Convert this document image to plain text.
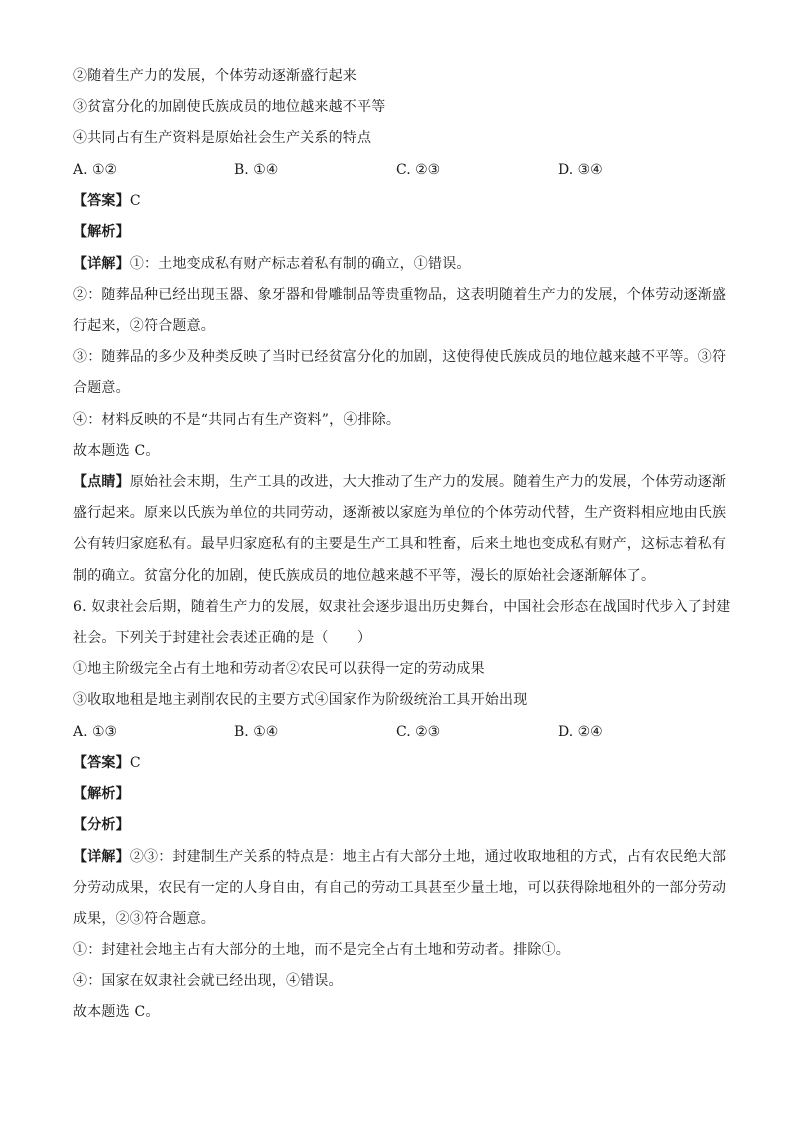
②随着生产力的发展，个体劳动逐渐盛行起来
③贫富分化的加剧使氏族成员的地位越来越不平等
④共同占有生产资料是原始社会生产关系的特点
A. ①②	B. ①④	C. ②③	D. ③④
【答案】C
【解析】
【详解】①：土地变成私有财产标志着私有制的确立，①错误。
②：随葬品种已经出现玉器、象牙器和骨雕制品等贵重物品，这表明随着生产力的发展，个体劳动逐渐盛
行起来，②符合题意。
③：随葬品的多少及种类反映了当时已经贫富分化的加剧，这使得使氏族成员的地位越来越不平等。③符
合题意。
④：材料反映的不是“共同占有生产资料”，④排除。
故本题选 C。
【点睛】原始社会末期，生产工具的改进，大大推动了生产力的发展。随着生产力的发展，个体劳动逐渐
盛行起来。原来以氏族为单位的共同劳动，逐渐被以家庭为单位的个体劳动代替，生产资料相应地由氏族
公有转归家庭私有。最早归家庭私有的主要是生产工具和牲畜，后来土地也变成私有财产，这标志着私有
制的确立。贫富分化的加剧，使氏族成员的地位越来越不平等，漫长的原始社会逐渐解体了。
6. 奴隶社会后期，随着生产力的发展，奴隶社会逐步退出历史舞台，中国社会形态在战国时代步入了封建
社会。下列关于封建社会表述正确的是（　　）
①地主阶级完全占有土地和劳动者②农民可以获得一定的劳动成果
③收取地租是地主剥削农民的主要方式④国家作为阶级统治工具开始出现
A. ①③	B. ①④	C. ②③	D. ②④
【答案】C
【解析】
【分析】
【详解】②③：封建制生产关系的特点是：地主占有大部分土地，通过收取地租的方式，占有农民绝大部
分劳动成果，农民有一定的人身自由，有自己的劳动工具甚至少量土地，可以获得除地租外的一部分劳动
成果，②③符合题意。
①：封建社会地主占有大部分的土地，而不是完全占有土地和劳动者。排除①。
④：国家在奴隶社会就已经出现，④错误。
故本题选 C。
